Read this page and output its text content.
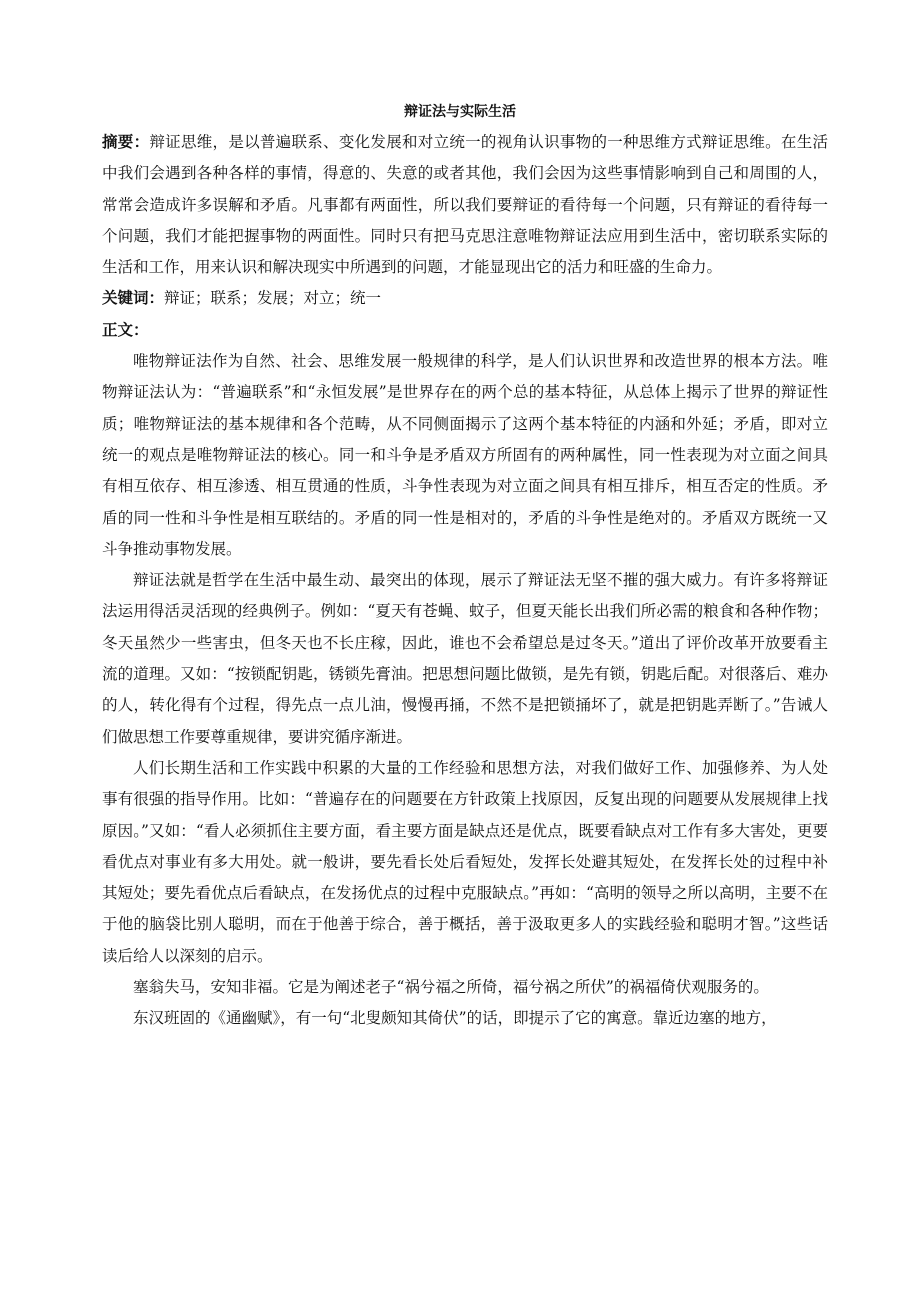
辩证法与实际生活

摘要：辩证思维，是以普遍联系、变化发展和对立统一的视角认识事物的一种思维方式辩证思维。在生活中我们会遇到各种各样的事情，得意的、失意的或者其他，我们会因为这些事情影响到自己和周围的人，常常会造成许多误解和矛盾。凡事都有两面性，所以我们要辩证的看待每一个问题，只有辩证的看待每一个问题，我们才能把握事物的两面性。同时只有把马克思注意唯物辩证法应用到生活中，密切联系实际的生活和工作，用来认识和解决现实中所遇到的问题，才能显现出它的活力和旺盛的生命力。

关键词：辩证；联系；发展；对立；统一

正文：

唯物辩证法作为自然、社会、思维发展一般规律的科学，是人们认识世界和改造世界的根本方法。唯物辩证法认为：“普遍联系”和“永恒发展”是世界存在的两个总的基本特征，从总体上揭示了世界的辩证性质；唯物辩证法的基本规律和各个范畴，从不同侧面揭示了这两个基本特征的内涵和外延；矛盾，即对立统一的观点是唯物辩证法的核心。同一和斗争是矛盾双方所固有的两种属性，同一性表现为对立面之间具有相互依存、相互渗透、相互贯通的性质，斗争性表现为对立面之间具有相互排斥，相互否定的性质。矛盾的同一性和斗争性是相互联结的。矛盾的同一性是相对的，矛盾的斗争性是绝对的。矛盾双方既统一又斗争推动事物发展。

辩证法就是哲学在生活中最生动、最突出的体现，展示了辩证法无坚不摧的强大威力。有许多将辩证法运用得活灵活现的经典例子。例如：“夏天有苍蝇、蚊子，但夏天能长出我们所必需的粮食和各种作物；冬天虽然少一些害虫，但冬天也不长庄稼，因此，谁也不会希望总是过冬天。”道出了评价改革开放要看主流的道理。又如：“按锁配钥匙，锈锁先膏油。把思想问题比做锁，是先有锁，钥匙后配。对很落后、难办的人，转化得有个过程，得先点一点儿油，慢慢再捅，不然不是把锁捅坏了，就是把钥匙弄断了。”告诫人们做思想工作要尊重规律，要讲究循序渐进。

人们长期生活和工作实践中积累的大量的工作经验和思想方法，对我们做好工作、加强修养、为人处事有很强的指导作用。比如：“普遍存在的问题要在方针政策上找原因，反复出现的问题要从发展规律上找原因。”又如：“看人必须抓住主要方面，看主要方面是缺点还是优点，既要看缺点对工作有多大害处，更要看优点对事业有多大用处。就一般讲，要先看长处后看短处，发挥长处避其短处，在发挥长处的过程中补其短处；要先看优点后看缺点，在发扬优点的过程中克服缺点。”再如：“高明的领导之所以高明，主要不在于他的脑袋比别人聪明，而在于他善于综合，善于概括，善于汲取更多人的实践经验和聪明才智。”这些话读后给人以深刻的启示。

塞翁失马，安知非福。它是为阐述老子“祸兮福之所倚，福兮祸之所伏”的祸福倚伏观服务的。

东汉班固的《通幽赋》，有一句“北叟颇知其倚伏”的话，即提示了它的寓意。靠近边塞的地方，
